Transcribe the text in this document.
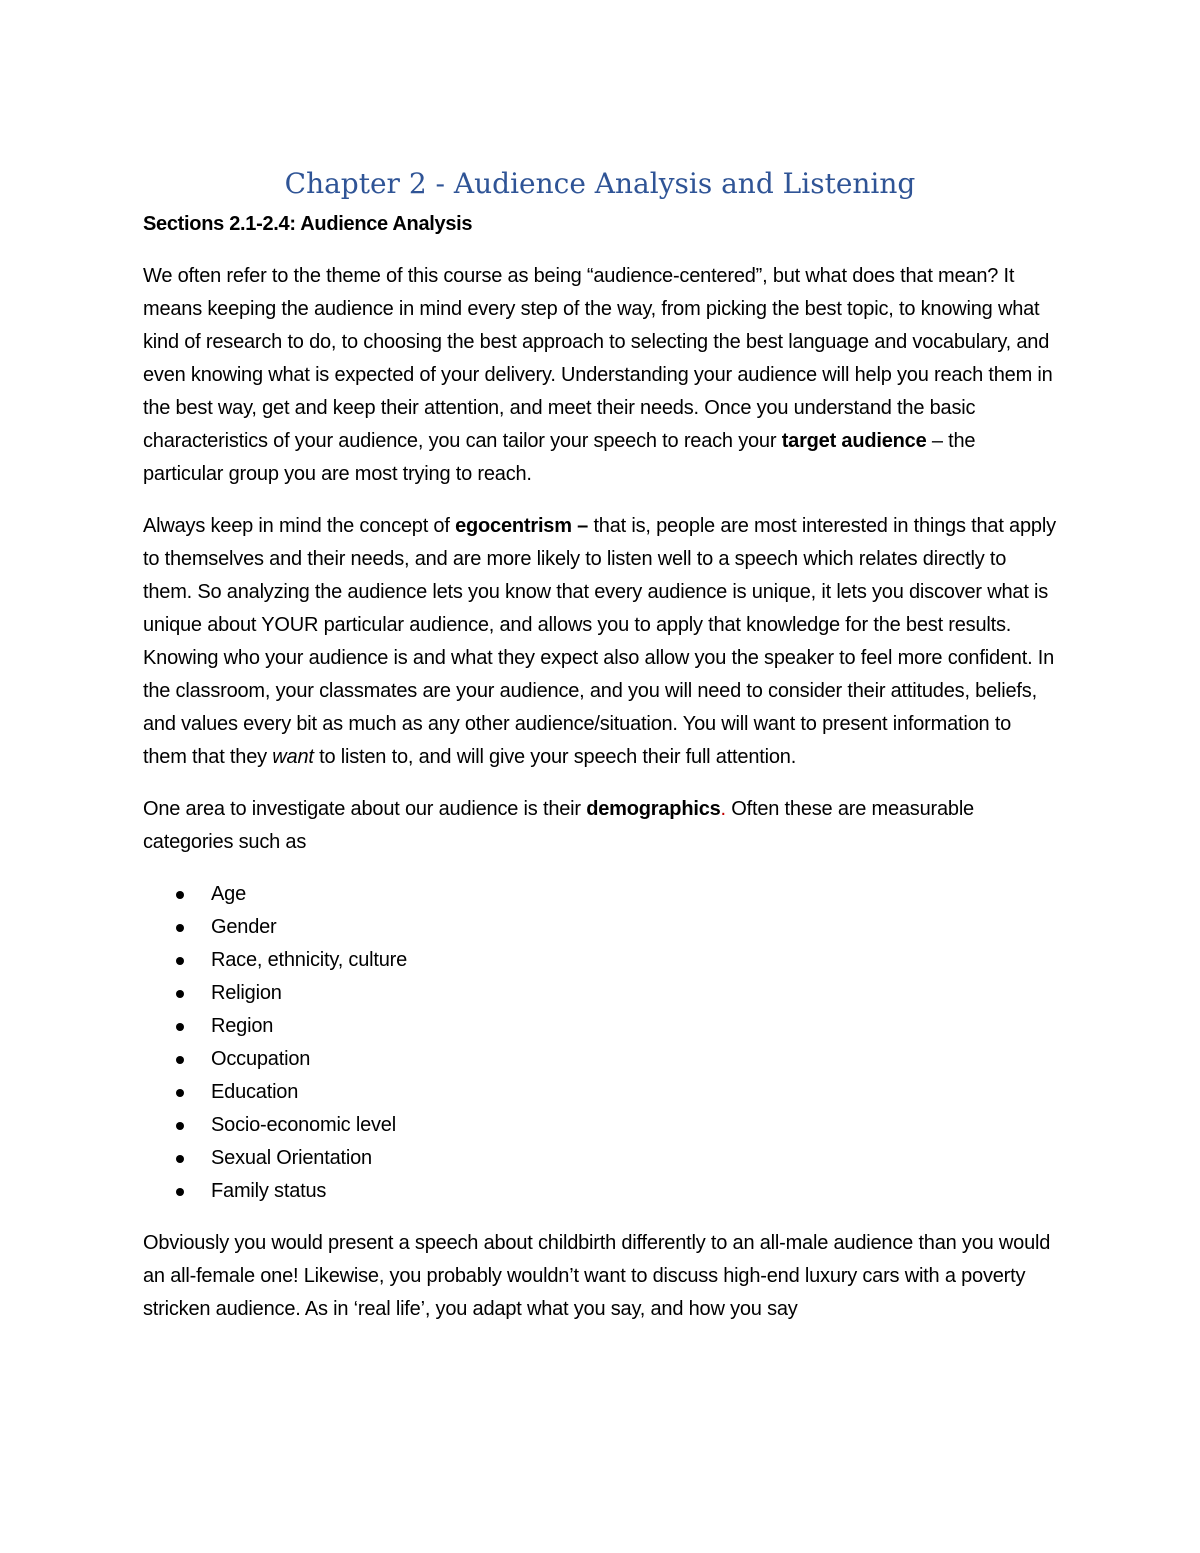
Chapter 2 - Audience Analysis and Listening
Sections 2.1-2.4: Audience Analysis

We often refer to the theme of this course as being “audience-centered”, but what does that mean? It means keeping the audience in mind every step of the way, from picking the best topic, to knowing what kind of research to do, to choosing the best approach to selecting the best language and vocabulary, and even knowing what is expected of your delivery. Understanding your audience will help you reach them in the best way, get and keep their attention, and meet their needs. Once you understand the basic characteristics of your audience, you can tailor your speech to reach your target audience – the particular group you are most trying to reach.

Always keep in mind the concept of egocentrism – that is, people are most interested in things that apply to themselves and their needs, and are more likely to listen well to a speech which relates directly to them. So analyzing the audience lets you know that every audience is unique, it lets you discover what is unique about YOUR particular audience, and allows you to apply that knowledge for the best results. Knowing who your audience is and what they expect also allow you the speaker to feel more confident. In the classroom, your classmates are your audience, and you will need to consider their attitudes, beliefs, and values every bit as much as any other audience/situation. You will want to present information to them that they want to listen to, and will give your speech their full attention.

One area to investigate about our audience is their demographics. Often these are measurable categories such as

Age
Gender
Race, ethnicity, culture
Religion
Region
Occupation
Education
Socio-economic level
Sexual Orientation
Family status

Obviously you would present a speech about childbirth differently to an all-male audience than you would an all-female one! Likewise, you probably wouldn’t want to discuss high-end luxury cars with a poverty stricken audience. As in ‘real life’, you adapt what you say, and how you say
